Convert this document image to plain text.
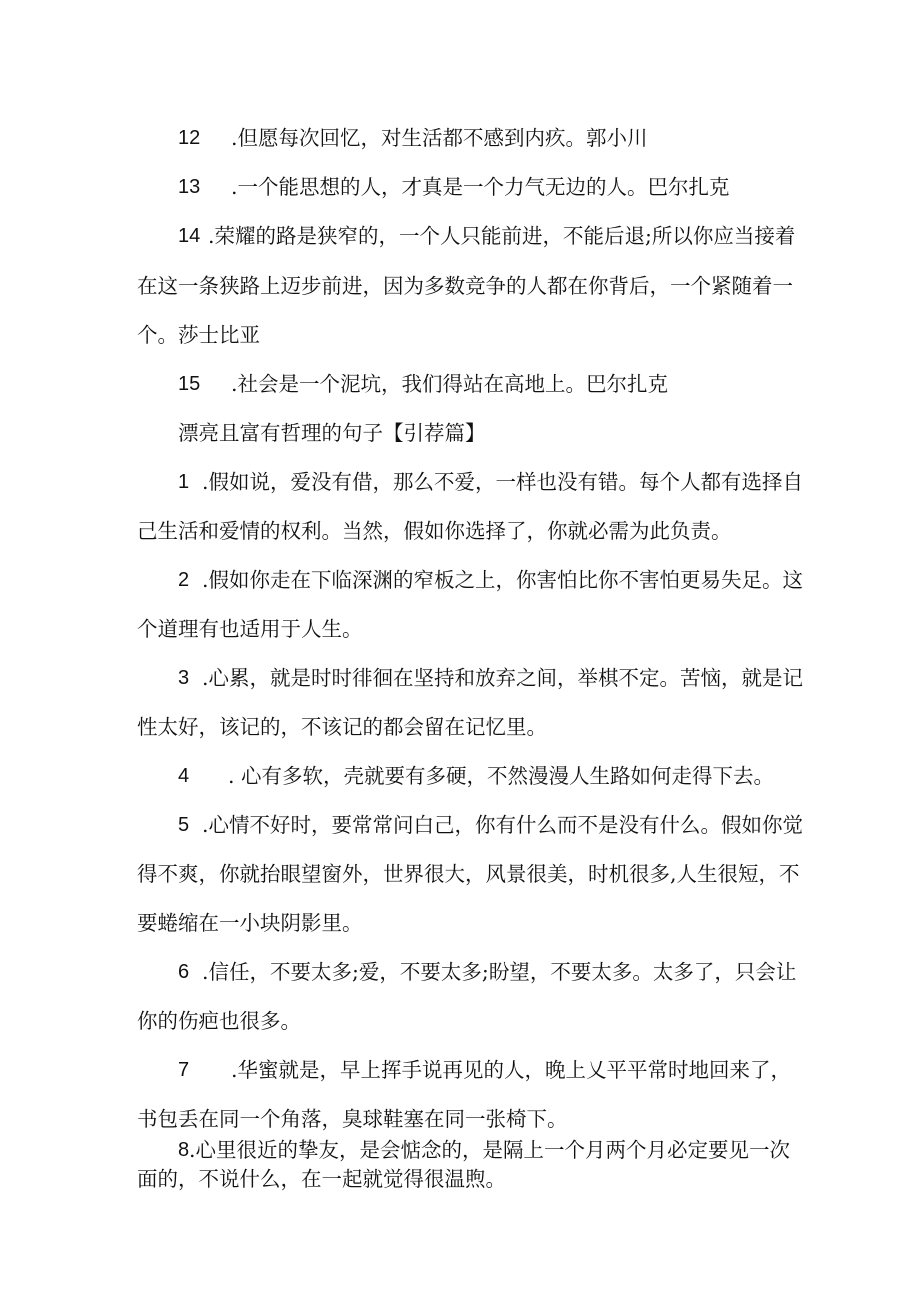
12 .但愿每次回忆，对生活都不感到内疚。郭小川
13 .一个能思想的人，才真是一个力气无边的人。巴尔扎克
14 .荣耀的路是狭窄的，一个人只能前进，不能后退;所以你应当接着
在这一条狭路上迈步前进，因为多数竞争的人都在你背后，一个紧随着一
个。莎士比亚
15 .社会是一个泥坑，我们得站在高地上。巴尔扎克
漂亮且富有哲理的句子【引荐篇】
1 .假如说，爱没有借，那么不爱，一样也没有错。每个人都有选择自
己生活和爱情的权利。当然，假如你选择了，你就必需为此负责。
2 .假如你走在下临深渊的窄板之上，你害怕比你不害怕更易失足。这
个道理有也适用于人生。
3 .心累，就是时时徘徊在坚持和放弃之间，举棋不定。苦恼，就是记
性太好，该记的，不该记的都会留在记忆里。
4 . 心有多软，壳就要有多硬，不然漫漫人生路如何走得下去。
5 .心情不好时，要常常问白己，你有什么而不是没有什么。假如你觉
得不爽，你就抬眼望窗外，世界很大，风景很美，时机很多,人生很短，不
要蜷缩在一小块阴影里。
6 .信任，不要太多;爱，不要太多;盼望，不要太多。太多了，只会让
你的伤疤也很多。
7 .华蜜就是，早上挥手说再见的人，晚上乂平平常时地回来了，
书包丢在同一个角落，臭球鞋塞在同一张椅下。
8 .心里很近的挚友，是会惦念的，是隔上一个月两个月必定要见一次
面的，不说什么，在一起就觉得很温煦。
